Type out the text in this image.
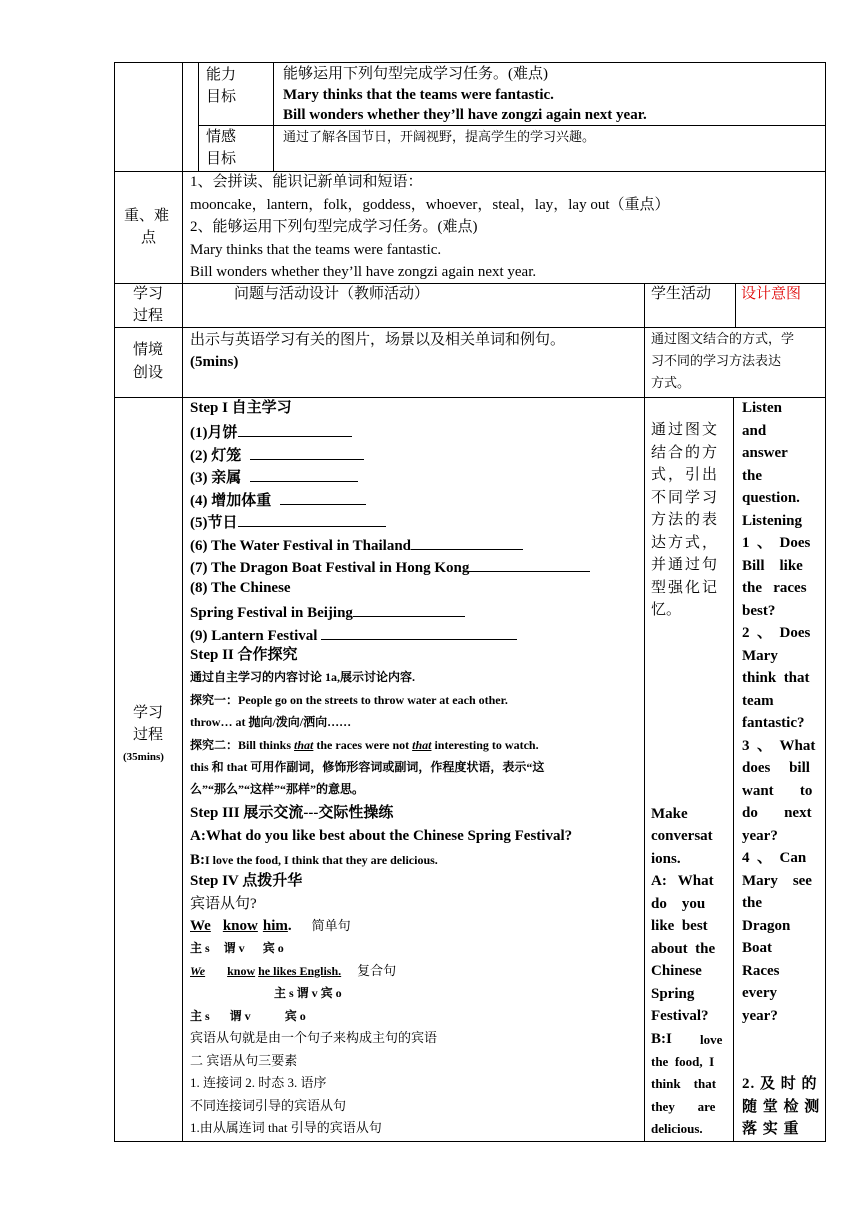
能力
目标
能够运用下列句型完成学习任务。(难点)
Mary thinks that the teams were fantastic.
Bill wonders whether they’ll have zongzi again next year.
情感
目标
通过了解各国节日，开阔视野，提高学生的学习兴趣。
重、难
点
1、会拼读、能识记新单词和短语：
mooncake，lantern，folk，goddess，whoever，steal，lay，lay out（重点）
2、能够运用下列句型完成学习任务。(难点)
Mary thinks that the teams were fantastic.
Bill wonders whether they’ll have zongzi again next year.
学习
过程
问题与活动设计（教师活动）	学生活动 设计意图
情境
创设
出示与英语学习有关的图片，场景以及相关单词和例句。
(5mins)
通过图文结合的方式，学
习不同的学习方法表达
方式。
学习
过程
(35mins)
Step I 自主学习
(1)月饼
(2) 灯笼
(3) 亲属
(4) 增加体重
(5)节日
(6) The Water Festival in Thailand
(7) The Dragon Boat Festival in Hong Kong
(8) The Chinese
Spring Festival in Beijing
(9) Lantern Festival
Step II 合作探究
通过自主学习的内容讨论 1a,展示讨论内容.
探究一：People go on the streets to throw water at each other.
throw… at 抛向/泼向/洒向……
探究二：Bill thinks that the races were not that interesting to watch.
this 和 that 可用作副词，修饰形容词或副词，作程度状语，表示“这
么”“那么”“这样”“那样”的意思。
Step III 展示交流---交际性操练
A:What do you like best about the Chinese Spring Festival?
B:I love the food, I think that they are delicious.
Step IV 点拨升华
宾语从句?
We know him. 简单句
主 s 谓 v 宾 o
We know he likes English. 复合句
主 s 谓 v 宾 o
主 s 谓 v	宾 o
宾语从句就是由一个句子来构成主句的宾语
二 宾语从句三要素
1. 连接词 2. 时态 3. 语序
不同连接词引导的宾语从句
1.由从属连词 that 引导的宾语从句
通过图文
结合的方
式，引出
不同学习
方法的表
达方式，
并通过句
型强化记
忆。
Make
conversat
ions.
A:   What
do    you
like  best
about  the
Chinese
Spring
Festival?
B:I love
the  food,  I
think    that
they       are
delicious.
Listen
and
answer
the
question.
Listening
1  、  Does
Bill    like
the   races
best?
2  、  Does
Mary
think  that
team
fantastic?
3  、  What
does     bill
want       to
do       next
year?
4  、  Can
Mary    see
the
Dragon
Boat
Races
every
year?
2. 及 时 的
随 堂 检 测
落 实 重
